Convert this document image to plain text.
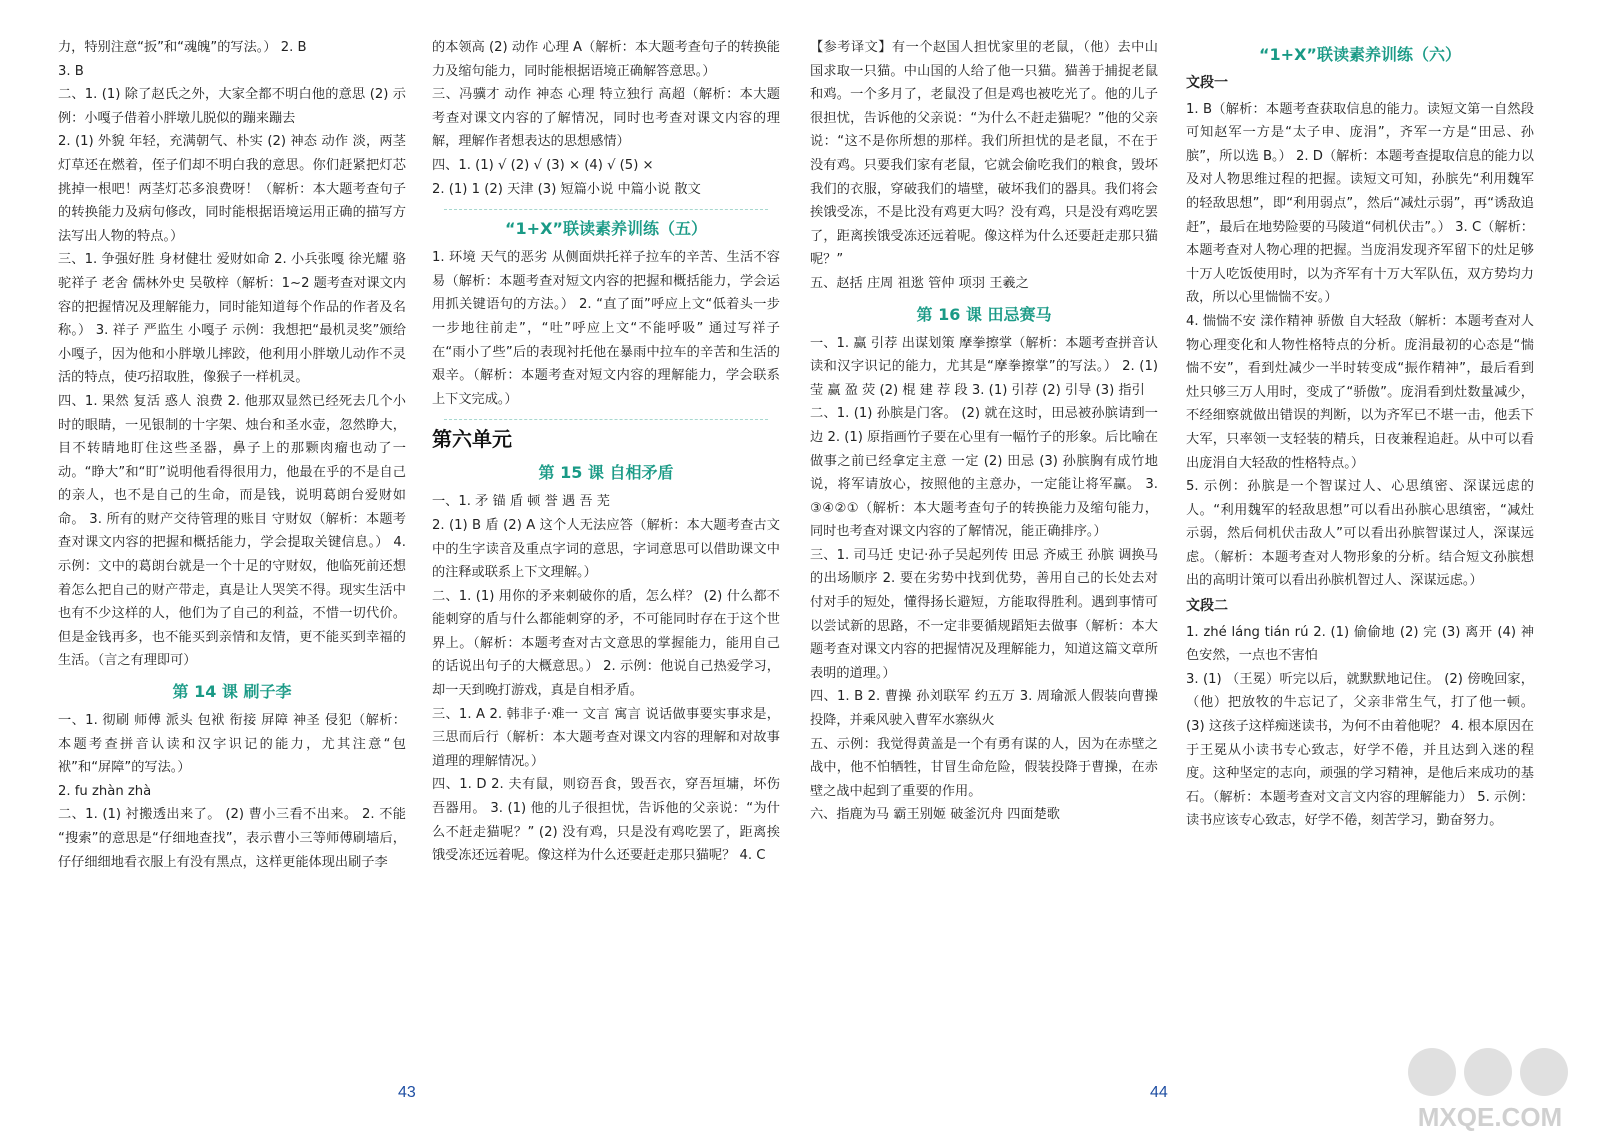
力，特别注意“扳”和“魂魄”的写法。） 2. B

3. B

二、1. (1) 除了赵氏之外，大家全都不明白他的意思 (2) 示例：小嘎子借着小胖墩儿脱似的蹦来蹦去

2. (1) 外貌 年轻，充满朝气、朴实 (2) 神态 动作 淡，两茎灯草还在燃着，侄子们却不明白我的意思。你们赶紧把灯芯挑掉一根吧！两茎灯芯多浪费呀！（解析：本大题考查句子的转换能力及病句修改，同时能根据语境运用正确的描写方法写出人物的特点。）

三、1. 争强好胜 身材健壮 爱财如命 2. 小兵张嘎 徐光耀 骆驼祥子 老舍 儒林外史 吴敬梓（解析：1~2 题考查对课文内容的把握情况及理解能力，同时能知道每个作品的作者及名称。） 3. 祥子 严监生 小嘎子 示例：我想把“最机灵奖”颁给小嘎子，因为他和小胖墩儿摔跤，他利用小胖墩儿动作不灵活的特点，使巧招取胜，像猴子一样机灵。

四、1. 果然 复活 惑人 浪费 2. 他那双显然已经死去几个小时的眼睛，一见银制的十字架、烛台和圣水壶，忽然睁大，目不转睛地盯住这些圣器，鼻子上的那颗肉瘤也动了一动。“睁大”和“盯”说明他看得很用力，他最在乎的不是自己的亲人，也不是自己的生命，而是钱，说明葛朗台爱财如命。 3. 所有的财产交待管理的账目 守财奴（解析：本题考查对课文内容的把握和概括能力，学会提取关键信息。） 4. 示例：文中的葛朗台就是一个十足的守财奴，他临死前还想着怎么把自己的财产带走，真是让人哭笑不得。现实生活中也有不少这样的人，他们为了自己的利益，不惜一切代价。但是金钱再多，也不能买到亲情和友情，更不能买到幸福的生活。（言之有理即可）

第 14 课 刷子李

一、1. 彻刷 师傅 派头 包袱 衔接 屏障 神圣 侵犯（解析：本题考查拼音认读和汉字识记的能力，尤其注意“包袱”和“屏障”的写法。）

2. fu zhàn zhà

二、1. (1) 衬搬透出来了。 (2) 曹小三看不出来。 2. 不能 “搜索”的意思是“仔细地查找”，表示曹小三等师傅刷墙后，仔仔细细地看衣服上有没有黑点，这样更能体现出刷子李

的本领高 (2) 动作 心理 A（解析：本大题考查句子的转换能力及缩句能力，同时能根据语境正确解答意思。）

三、冯骥才 动作 神态 心理 特立独行 高超（解析：本大题考查对课文内容的了解情况，同时也考查对课文内容的理解，理解作者想表达的思想感情）

四、1. (1) √ (2) √ (3) × (4) √ (5) ×

2. (1) 1 (2) 天津 (3) 短篇小说 中篇小说 散文

“1+X”联读素养训练（五）

1. 环境 天气的恶劣 从侧面烘托祥子拉车的辛苦、生活不容易（解析：本题考查对短文内容的把握和概括能力，学会运用抓关键语句的方法。） 2. “直了面”呼应上文“低着头一步一步地往前走”，“吐”呼应上文“不能呼吸” 通过写祥子在“雨小了些”后的表现衬托他在暴雨中拉车的辛苦和生活的艰辛。（解析：本题考查对短文内容的理解能力，学会联系上下文完成。）

第六单元
第 15 课 自相矛盾

一、1. 矛 锚 盾 顿 誉 遇 吾 芜

2. (1) B 盾 (2) A 这个人无法应答（解析：本大题考查古文中的生字读音及重点字词的意思，字词意思可以借助课文中的注释或联系上下文理解。）

二、1. (1) 用你的矛来刺破你的盾，怎么样？ (2) 什么都不能刺穿的盾与什么都能刺穿的矛，不可能同时存在于这个世界上。（解析：本题考查对古文意思的掌握能力，能用自己的话说出句子的大概意思。） 2. 示例：他说自己热爱学习，却一天到晚打游戏，真是自相矛盾。

三、1. A 2. 韩非子·难一 文言 寓言 说话做事要实事求是，三思而后行（解析：本大题考查对课文内容的理解和对故事道理的理解情况。）

四、1. D 2. 夫有鼠，则窃吾食，毁吾衣，穿吾垣墉，坏伤吾器用。 3. (1) 他的儿子很担忧，告诉他的父亲说：“为什么不赶走猫呢？” (2) 没有鸡，只是没有鸡吃罢了，距离挨饿受冻还远着呢。像这样为什么还要赶走那只猫呢？ 4. C

【参考译文】有一个赵国人担忧家里的老鼠，（他）去中山国求取一只猫。中山国的人给了他一只猫。猫善于捕捉老鼠和鸡。一个多月了，老鼠没了但是鸡也被吃光了。他的儿子很担忧，告诉他的父亲说：“为什么不赶走猫呢？”他的父亲说：“这不是你所想的那样。我们所担忧的是老鼠，不在于没有鸡。只要我们家有老鼠，它就会偷吃我们的粮食，毁坏我们的衣服，穿破我们的墙壁，破坏我们的器具。我们将会挨饿受冻，不是比没有鸡更大吗？没有鸡，只是没有鸡吃罢了，距离挨饿受冻还远着呢。像这样为什么还要赶走那只猫呢？”

五、赵括 庄周 祖逖 管仲 项羽 王羲之

第 16 课 田忌赛马

一、1. 赢 引荐 出谋划策 摩拳擦掌（解析：本题考查拼音认读和汉字识记的能力，尤其是“摩拳擦掌”的写法。） 2. (1) 莹 赢 盈 荧 (2) 棍 建 荐 段 3. (1) 引荐 (2) 引导 (3) 指引

二、1. (1) 孙膑是门客。 (2) 就在这时，田忌被孙膑请到一边 2. (1) 原指画竹子要在心里有一幅竹子的形象。后比喻在做事之前已经拿定主意 一定 (2) 田忌 (3) 孙膑胸有成竹地说，将军请放心，按照他的主意办，一定能让将军赢。 3. ③④②①（解析：本大题考查句子的转换能力及缩句能力，同时也考查对课文内容的了解情况，能正确排序。）

三、1. 司马迁 史记·孙子吴起列传 田忌 齐威王 孙膑 调换马的出场顺序 2. 要在劣势中找到优势，善用自己的长处去对付对手的短处，懂得扬长避短，方能取得胜利。遇到事情可以尝试新的思路，不一定非要循规蹈矩去做事（解析：本大题考查对课文内容的把握情况及理解能力，知道这篇文章所表明的道理。）

四、1. B 2. 曹操 孙刘联军 约五万 3. 周瑜派人假装向曹操投降，并乘风驶入曹军水寨纵火

五、示例：我觉得黄盖是一个有勇有谋的人，因为在赤壁之战中，他不怕牺牲，甘冒生命危险，假装投降于曹操，在赤壁之战中起到了重要的作用。

六、指鹿为马 霸王别姬 破釜沉舟 四面楚歌

“1+X”联读素养训练（六）
文段一

1. B（解析：本题考查获取信息的能力。读短文第一自然段可知赵军一方是“太子申、庞涓”，齐军一方是“田忌、孙膑”，所以选 B。） 2. D（解析：本题考查提取信息的能力以及对人物思维过程的把握。读短文可知，孙膑先“利用魏军的轻敌思想”，即“利用弱点”，然后“减灶示弱”，再“诱敌追赶”，最后在地势险要的马陵道“伺机伏击”。） 3. C（解析：本题考查对人物心理的把握。当庞涓发现齐军留下的灶足够十万人吃饭使用时，以为齐军有十万大军队伍，双方势均力敌，所以心里惴惴不安。）

4. 惴惴不安 漾作精神 骄傲 自大轻敌（解析：本题考查对人物心理变化和人物性格特点的分析。庞涓最初的心态是“惴惴不安”，看到灶减少一半时转变成“振作精神”，最后看到灶只够三万人用时，变成了“骄傲”。庞涓看到灶数量减少，不经细察就做出错误的判断，以为齐军已不堪一击，他丢下大军，只率领一支轻装的精兵，日夜兼程追赶。从中可以看出庞涓自大轻敌的性格特点。）

5. 示例：孙膑是一个智谋过人、心思缜密、深谋远虑的人。“利用魏军的轻敌思想”可以看出孙膑心思缜密，“减灶示弱，然后伺机伏击敌人”可以看出孙膑智谋过人，深谋远虑。（解析：本题考查对人物形象的分析。结合短文孙膑想出的高明计策可以看出孙膑机智过人、深谋远虑。）

文段二

1. zhé láng tián rú 2. (1) 偷偷地 (2) 完 (3) 离开 (4) 神色安然，一点也不害怕

3. (1) （王冕）听完以后，就默默地记住。 (2) 傍晚回家，（他）把放牧的牛忘记了，父亲非常生气，打了他一顿。 (3) 这孩子这样痴迷读书，为何不由着他呢？ 4. 根本原因在于王冕从小读书专心致志，好学不倦，并且达到入迷的程度。这种坚定的志向，顽强的学习精神，是他后来成功的基石。（解析：本题考查对文言文内容的理解能力） 5. 示例：读书应该专心致志，好学不倦，刻苦学习，勤奋努力。

43	44
MXQE.COM
